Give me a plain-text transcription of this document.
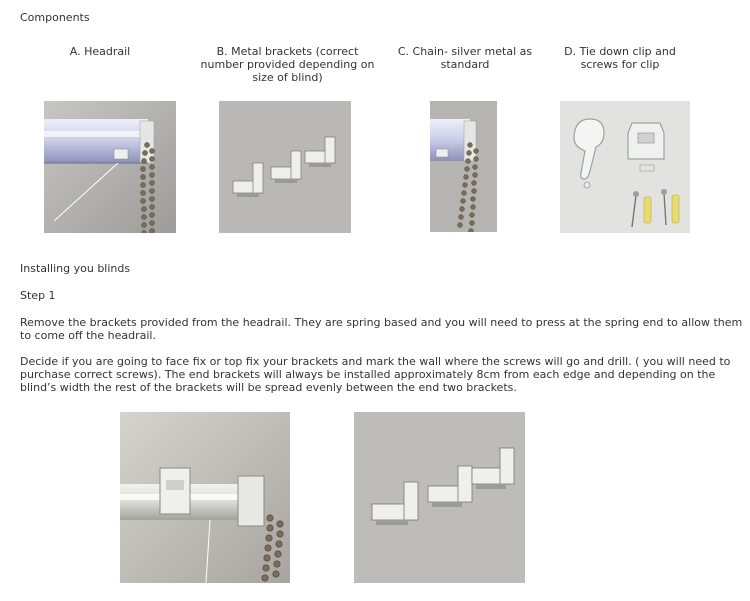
Components
A. Headrail	B. Metal brackets (correct number provided depending on size of blind)
C. Chain- silver metal as standard
D. Tie down clip and screws for clip
Installing you blinds
Step 1
Remove the brackets provided from the headrail. They are spring based and you will need to press at the spring end to allow them to come off the headrail.
Decide if you are going to face fix or top fix your brackets and mark the wall where the screws will go and drill. ( you will need to purchase correct screws). The end brackets will always be installed approximately 8cm from each edge and depending on the blind’s width the rest of the brackets will be spread evenly between the end two brackets.
